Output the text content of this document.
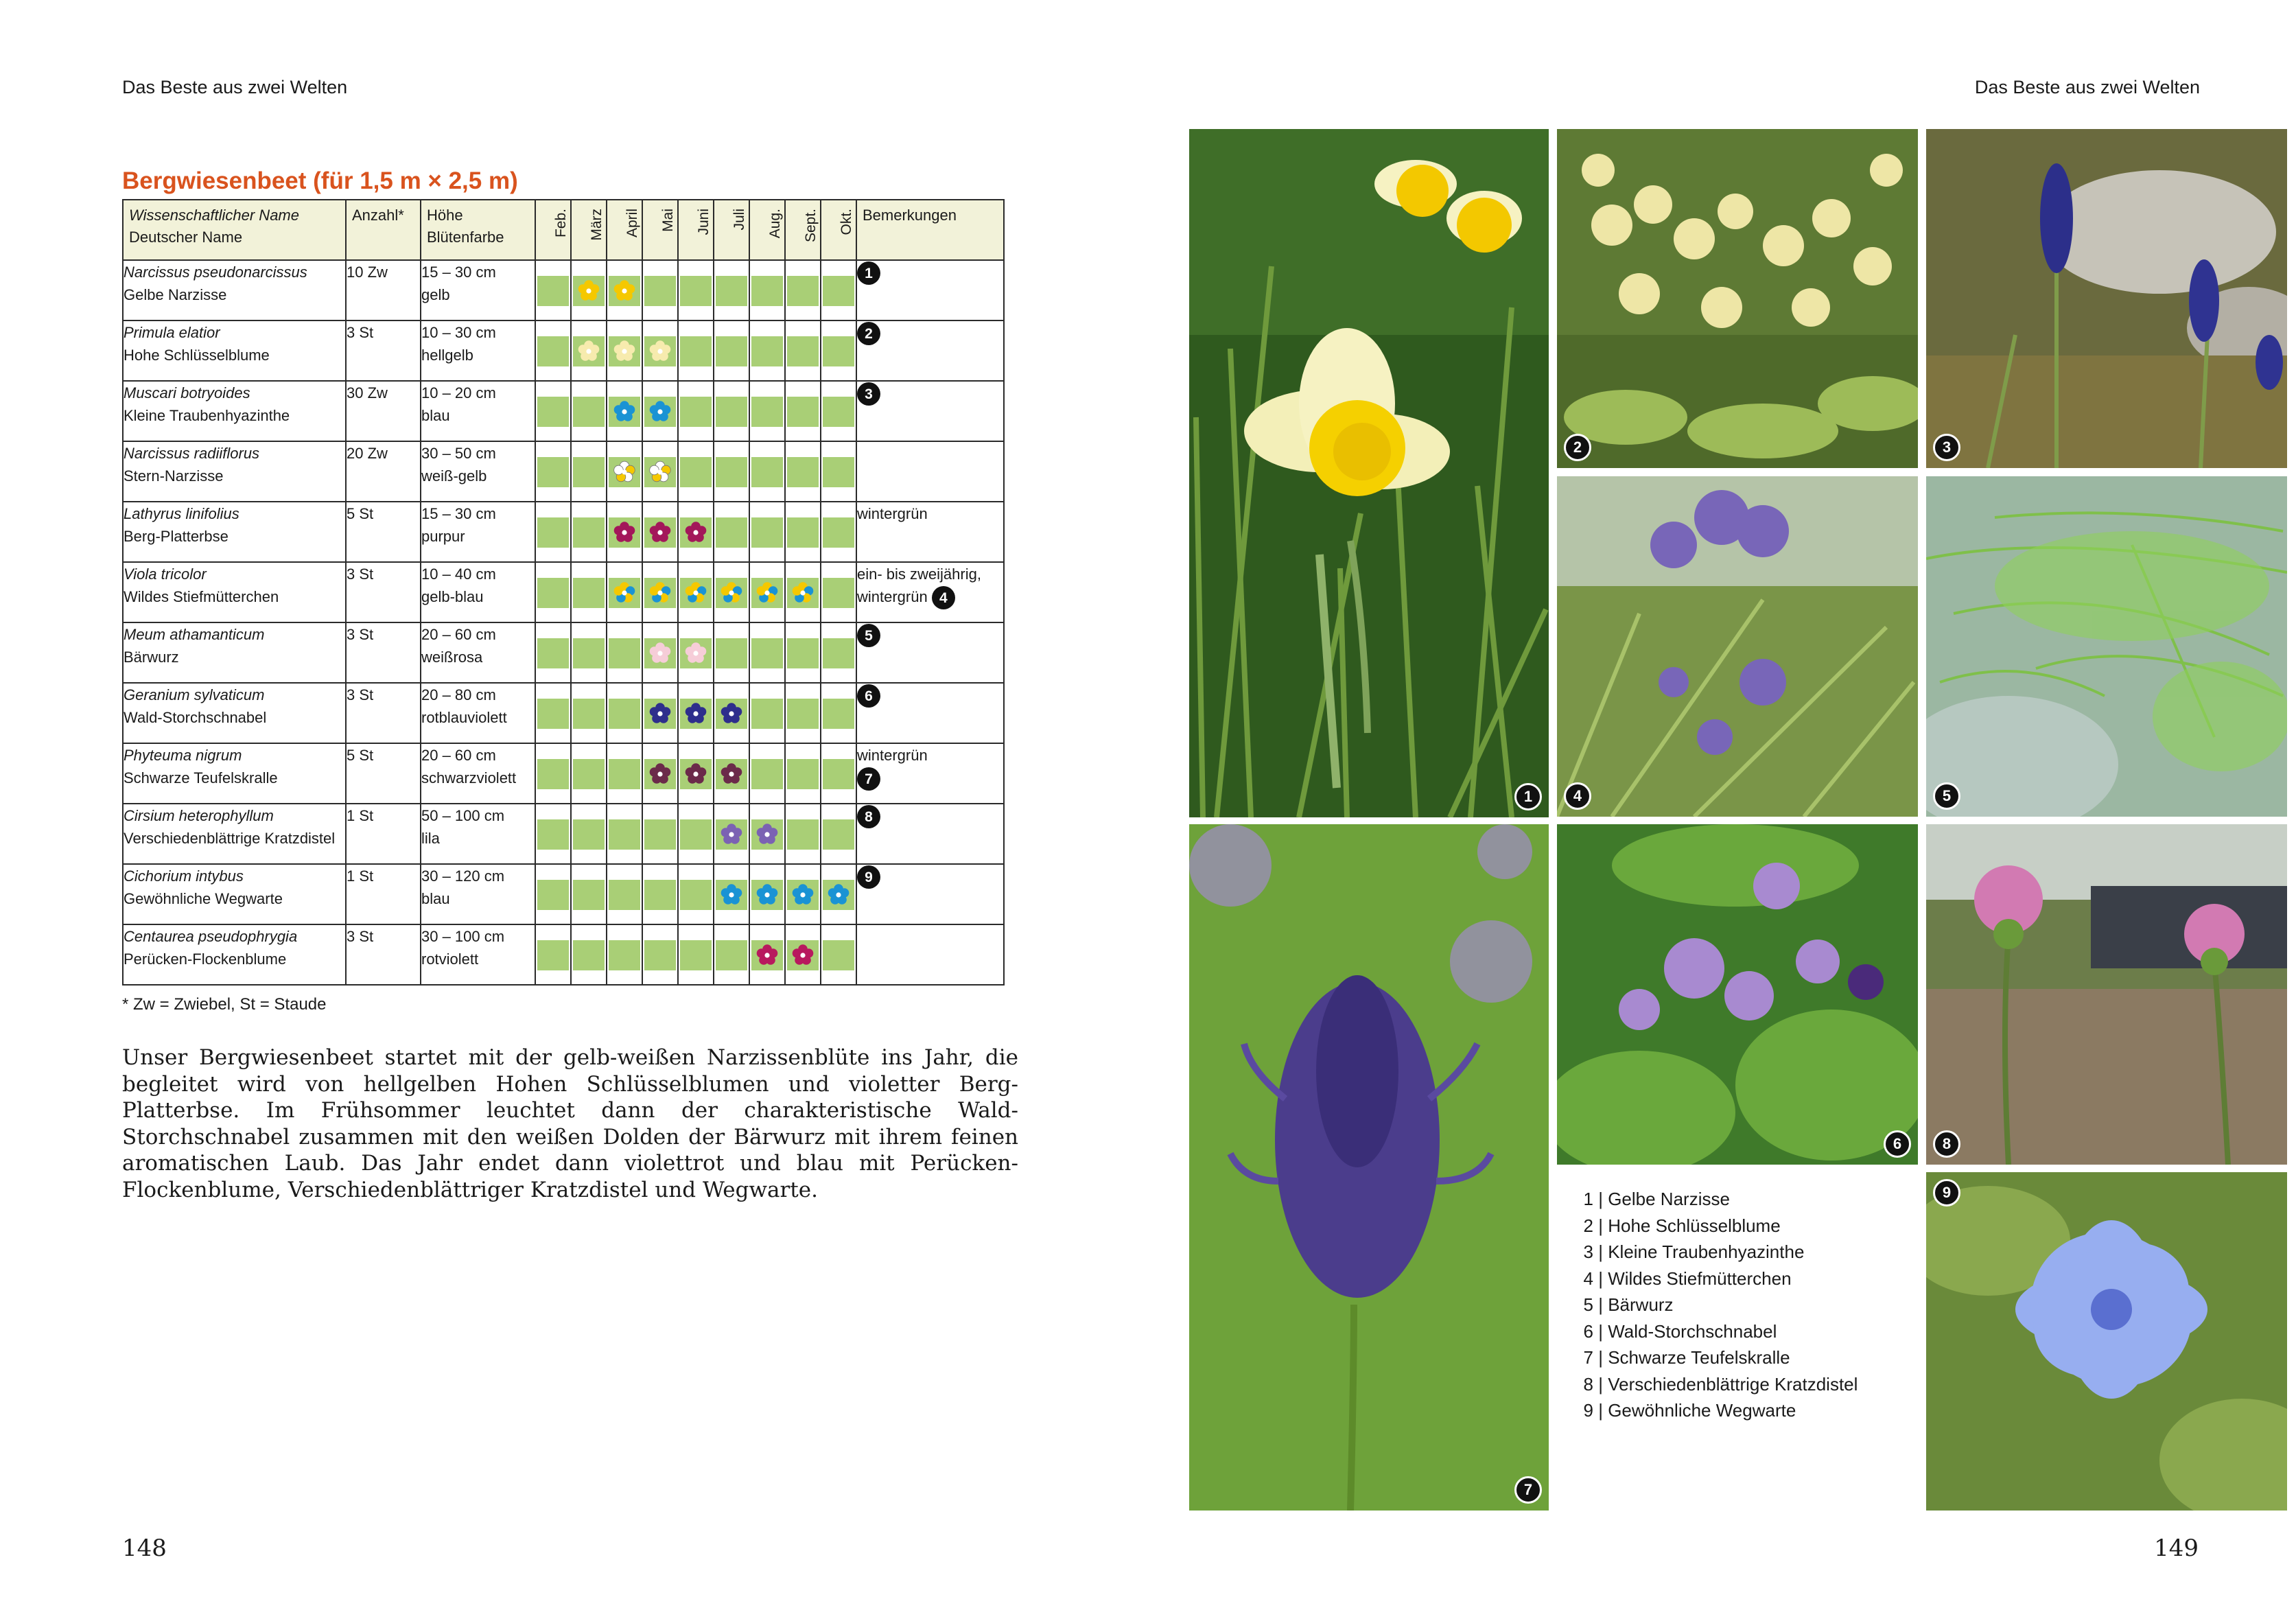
Das Beste aus zwei Welten	Das Beste aus zwei Welten
Bergwiesenbeet (für 1,5 m × 2,5 m)
Wissenschaftlicher Name
Deutscher Name	Anzahl*	Höhe
Blütenfarbe	Feb.	März	April	Mai	Juni	Juli	Aug.	Sept.	Okt.	Bemerkungen

Narcissus pseudonarcissus
Gelbe Narzisse	10 Zw	15 – 30 cm
gelb										1

Primula elatior
Hohe Schlüsselblume	3 St	10 – 30 cm
hellgelb										2

Muscari botryoides
Kleine Traubenhyazinthe	30 Zw	10 – 20 cm
blau										3

Narcissus radiiflorus
Stern-Narzisse	20 Zw	30 – 50 cm
weiß-gelb

Lathyrus linifolius
Berg-Platterbse	5 St	15 – 30 cm
purpur										wintergrün

Viola tricolor
Wildes Stiefmütterchen	3 St	10 – 40 cm
gelb-blau										ein- bis zweijährig,
wintergrün 4

Meum athamanticum
Bärwurz	3 St	20 – 60 cm
weißrosa										5

Geranium sylvaticum
Wald-Storchschnabel	3 St	20 – 80 cm
rotblauviolett										6

Phyteuma nigrum
Schwarze Teufelskralle	5 St	20 – 60 cm
schwarzviolett										wintergrün
7

Cirsium heterophyllum
Verschiedenblättrige Kratzdistel	1 St	50 – 100 cm
lila										8

Cichorium intybus
Gewöhnliche Wegwarte	1 St	30 – 120 cm
blau										9

Centaurea pseudophrygia
Perücken-Flockenblume	3 St	30 – 100 cm
rotviolett

* Zw = Zwiebel, St = Staude
Unser Bergwiesenbeet startet mit der gelb-weißen Narzissenblüte ins Jahr, die begleitet wird von hellgelben Hohen Schlüsselblumen und violetter Berg-Platterbse. Im Frühsommer leuchtet dann der charakteristische Wald-Storchschnabel zusammen mit den weißen Dolden der Bärwurz mit ihrem feinen aromatischen Laub. Das Jahr endet dann violettrot und blau mit Perücken-Flockenblume, Verschiedenblättriger Kratzdistel und Wegwarte.
1
2	3
4	5
7
6	8
9
1 | Gelbe Narzisse
2 | Hohe Schlüsselblume
3 | Kleine Traubenhyazinthe
4 | Wildes Stiefmütterchen
5 | Bärwurz
6 | Wald-Storchschnabel
7 | Schwarze Teufelskralle
8 | Verschiedenblättrige Kratzdistel
9 | Gewöhnliche Wegwarte
148	149
